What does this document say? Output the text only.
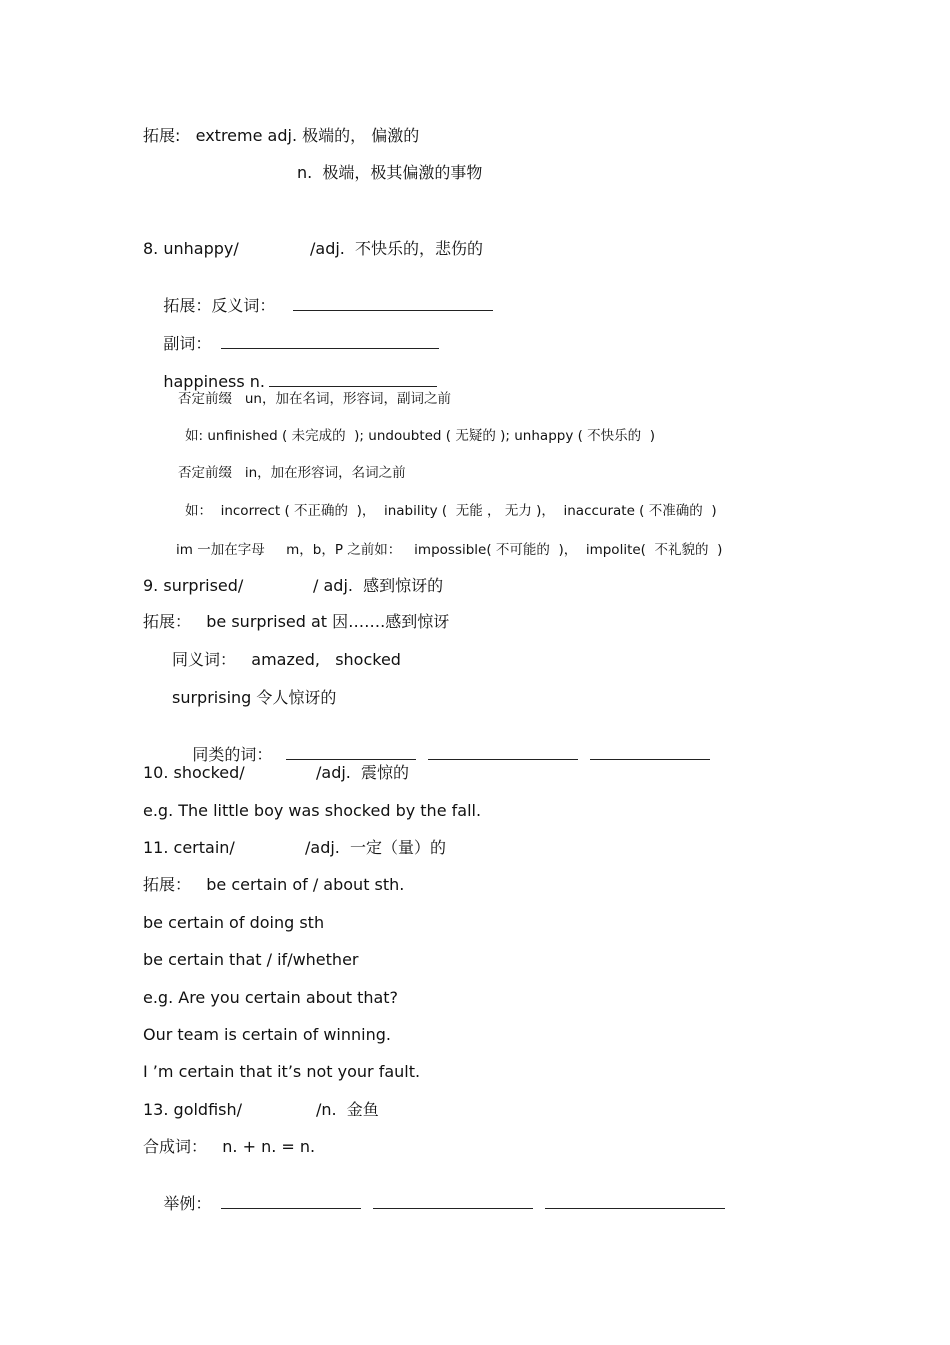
拓展:   extreme adj. 极端的， 偏激的
n.  极端，极其偏激的事物
8. unhappy/	/adj.  不快乐的，悲伤的

拓展：反义词：

副词：

happiness n.

否定前缀   un，加在名词，形容词，副词之前
如: unfinished ( 未完成的  ); undoubted ( 无疑的 ); unhappy ( 不快乐的  )
否定前缀   in，加在形容词，名词之前
如：  incorrect ( 不正确的  )，  inability (  无能 ， 无力 )，  inaccurate ( 不准确的  )
im 一加在字母     m，b，P 之前如：   impossible( 不可能的  )，  impolite(  不礼貌的  )
9. surprised/	/ adj.  感到惊讶的
拓展：   be surprised at 因…….感到惊讶
同义词：   amazed,   shocked
surprising 令人惊讶的

同类的词：

10. shocked/	/adj.  震惊的
e.g. The little boy was shocked by the fall.
11. certain/	/adj.  一定（量）的
拓展：   be certain of / about sth.
be certain of doing sth
be certain that / if/whether
e.g. Are you certain about that?
Our team is certain of winning.
I ’m certain that it’s not your fault.
13. goldfish/	/n.  金鱼
合成词：   n. + n. = n.

举例：
